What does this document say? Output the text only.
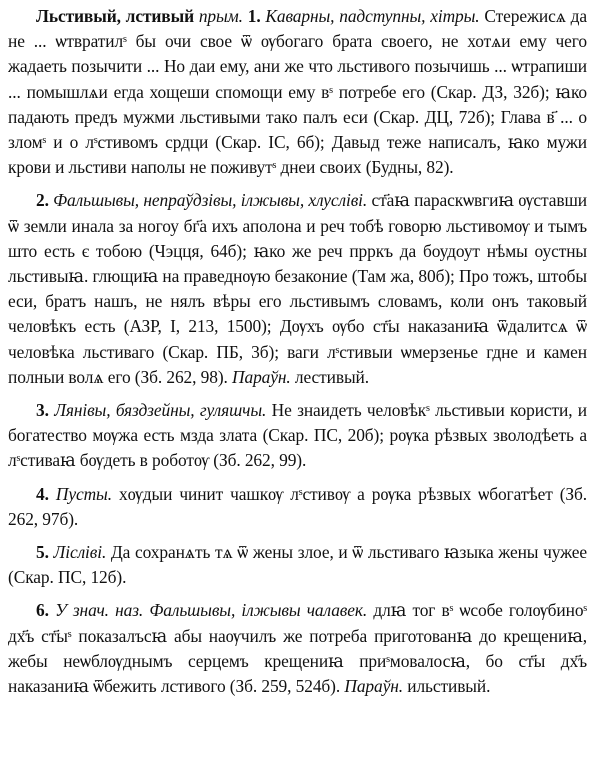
Льстивый, лстивый прым. 1. Каварны, падступны, хітры. Стережисѧ да не ... ѡтвратилˢ бы очи свое ѿ ѹбогаго брата своего, не хотѧи ему чего жадаеть позычити ... Но даи ему, ани же что льстивого позычишь ... ѡтрапиши ... помышлѧи егда хощеши спомощи ему вˢ потребе его (Скар. ДЗ, 32б); ꙗко падають предъ мужми льстивыми тако палъ еси (Скар. ДЦ, 72б); Глава в҃ ... о зломˢ и о лˢстивомъ срдци (Скар. ІС, 6б); Давыд теже написалъ, ꙗко мужи крови и льстиви наполы не поживутˢ днеи своих (Будны, 82).

2. Фальшывы, непраўдзівы, ілжывы, хлусліві. ст҃аꙗ параскѡвгиꙗ ѹставши ѿ земли инала за ногоу бг҃а ихъ аполона и реч тобѣ говорю льстивомѹ и тымъ што есть є тобою (Чэцця, 64б); ꙗко же реч прркъ да боудоут нѣмы оустны льстивыꙗ. глющиꙗ на праведнѹю безаконие (Там жа, 80б); Про тожъ, штобы еси, братъ нашъ, не нялъ вѣры его льстивымъ словамъ, коли онъ таковый человѣкъ есть (АЗР, I, 213, 1500); Дѹхъ ѹбо ст҃ы наказаниꙗ ѿдалитсѧ ѿ человѣка льстиваго (Скар. ПБ, 3б); ваги лˢстивыи ѡмерзенье гдне и камен полныи волѧ его (Зб. 262, 98). Параўн. лестивый.

3. Лянівы, бяздзейны, гуляшчы. Не знаидеть человѣкˢ льстивыи користи, и богатество мѹжа есть мзда злата (Скар. ПС, 20б); рѹка рѣзвых зволодѣеть а лˢстиваꙗ бѹдеть в роботѹ (Зб. 262, 99).

4. Пусты. хѹдыи чинит чашкѹ лˢстивѹ а рѹка рѣзвых ѡбогатѣет (Зб. 262, 97б).

5. Лісліві. Да сохранѧть тѧ ѿ жены злое, и ѿ льстиваго ꙗзыка жены чужее (Скар. ПС, 12б).

6. У знач. наз. Фальшывы, ілжывы чалавек. длꙗ тог вˢ ѡсобе голѹбиноˢ дх҃ъ ст҃ыˢ показалъсꙗ абы наѹчилъ же потреба приготованꙗ до крещениꙗ, жебы неѡблѹднымъ серцемъ крещениꙗ приˢмовалосꙗ, бо ст҃ы дх҃ъ наказаниꙗ ѿбежить лстивого (Зб. 259, 524б). Параўн. ильстивый.
